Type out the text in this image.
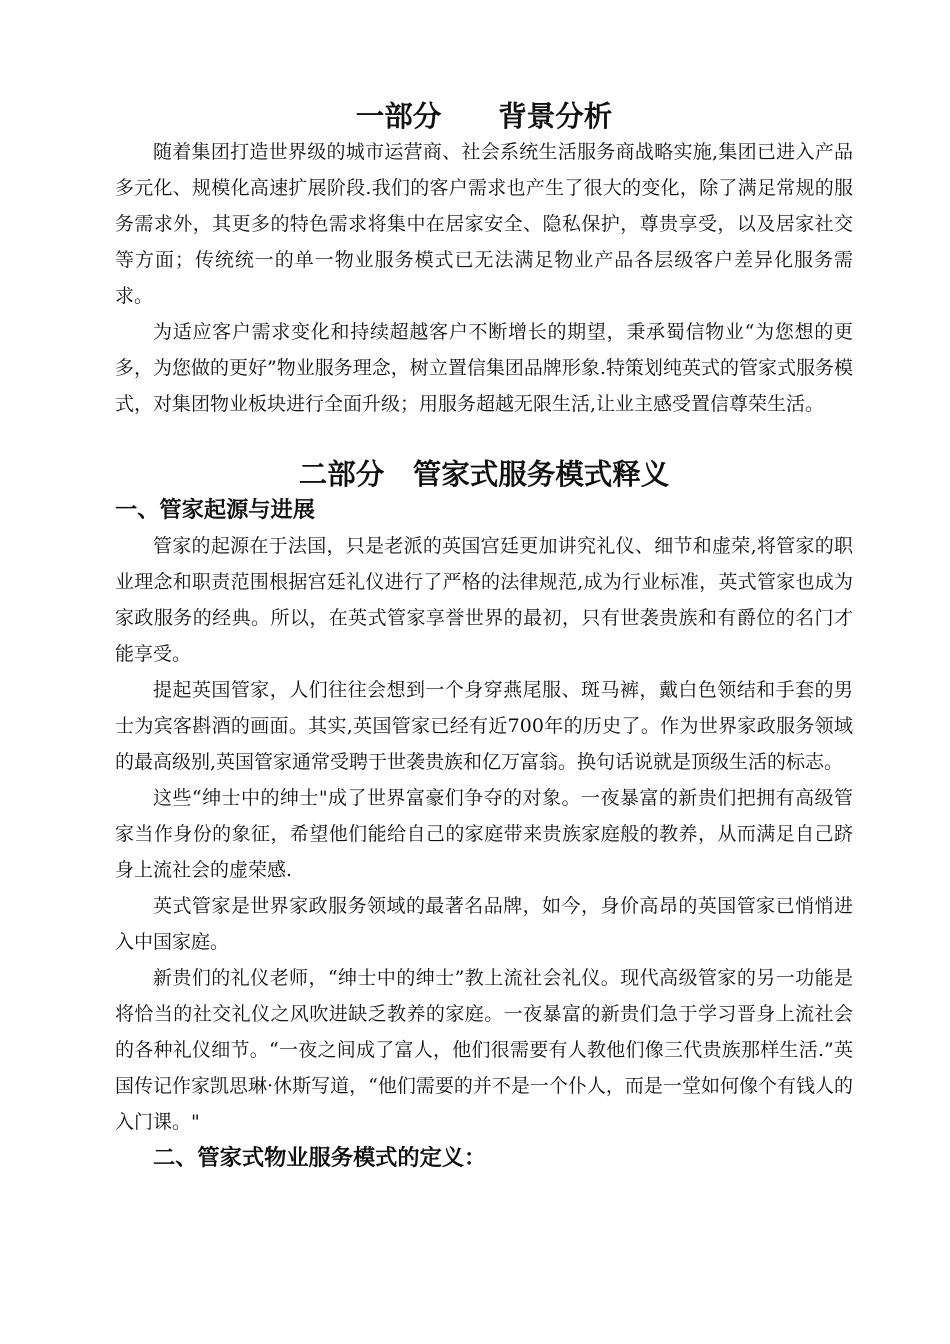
一部分　　背景分析

随着集团打造世界级的城市运营商、社会系统生活服务商战略实施,集团已进入产品多元化、规模化高速扩展阶段.我们的客户需求也产生了很大的变化，除了满足常规的服务需求外，其更多的特色需求将集中在居家安全、隐私保护，尊贵享受，以及居家社交等方面；传统统一的单一物业服务模式已无法满足物业产品各层级客户差异化服务需求。

为适应客户需求变化和持续超越客户不断增长的期望，秉承蜀信物业“为您想的更多，为您做的更好”物业服务理念，树立置信集团品牌形象.特策划纯英式的管家式服务模式，对集团物业板块进行全面升级；用服务超越无限生活,让业主感受置信尊荣生活。

二部分　管家式服务模式释义
一、管家起源与进展

管家的起源在于法国，只是老派的英国宫廷更加讲究礼仪、细节和虚荣,将管家的职业理念和职责范围根据宫廷礼仪进行了严格的法律规范,成为行业标准，英式管家也成为家政服务的经典。所以，在英式管家享誉世界的最初，只有世袭贵族和有爵位的名门才能享受。

提起英国管家，人们往往会想到一个身穿燕尾服、斑马裤，戴白色领结和手套的男士为宾客斟酒的画面。其实,英国管家已经有近700年的历史了。作为世界家政服务领域的最高级别,英国管家通常受聘于世袭贵族和亿万富翁。换句话说就是顶级生活的标志。

这些“绅士中的绅士"成了世界富豪们争夺的对象。一夜暴富的新贵们把拥有高级管家当作身份的象征，希望他们能给自己的家庭带来贵族家庭般的教养，从而满足自己跻身上流社会的虚荣感.

英式管家是世界家政服务领域的最著名品牌，如今，身价高昂的英国管家已悄悄进入中国家庭。

新贵们的礼仪老师，“绅士中的绅士”教上流社会礼仪。现代高级管家的另一功能是将恰当的社交礼仪之风吹进缺乏教养的家庭。一夜暴富的新贵们急于学习晋身上流社会的各种礼仪细节。“一夜之间成了富人，他们很需要有人教他们像三代贵族那样生活.”英国传记作家凯思琳·休斯写道，“他们需要的并不是一个仆人，而是一堂如何像个有钱人的入门课。"

二、管家式物业服务模式的定义：
